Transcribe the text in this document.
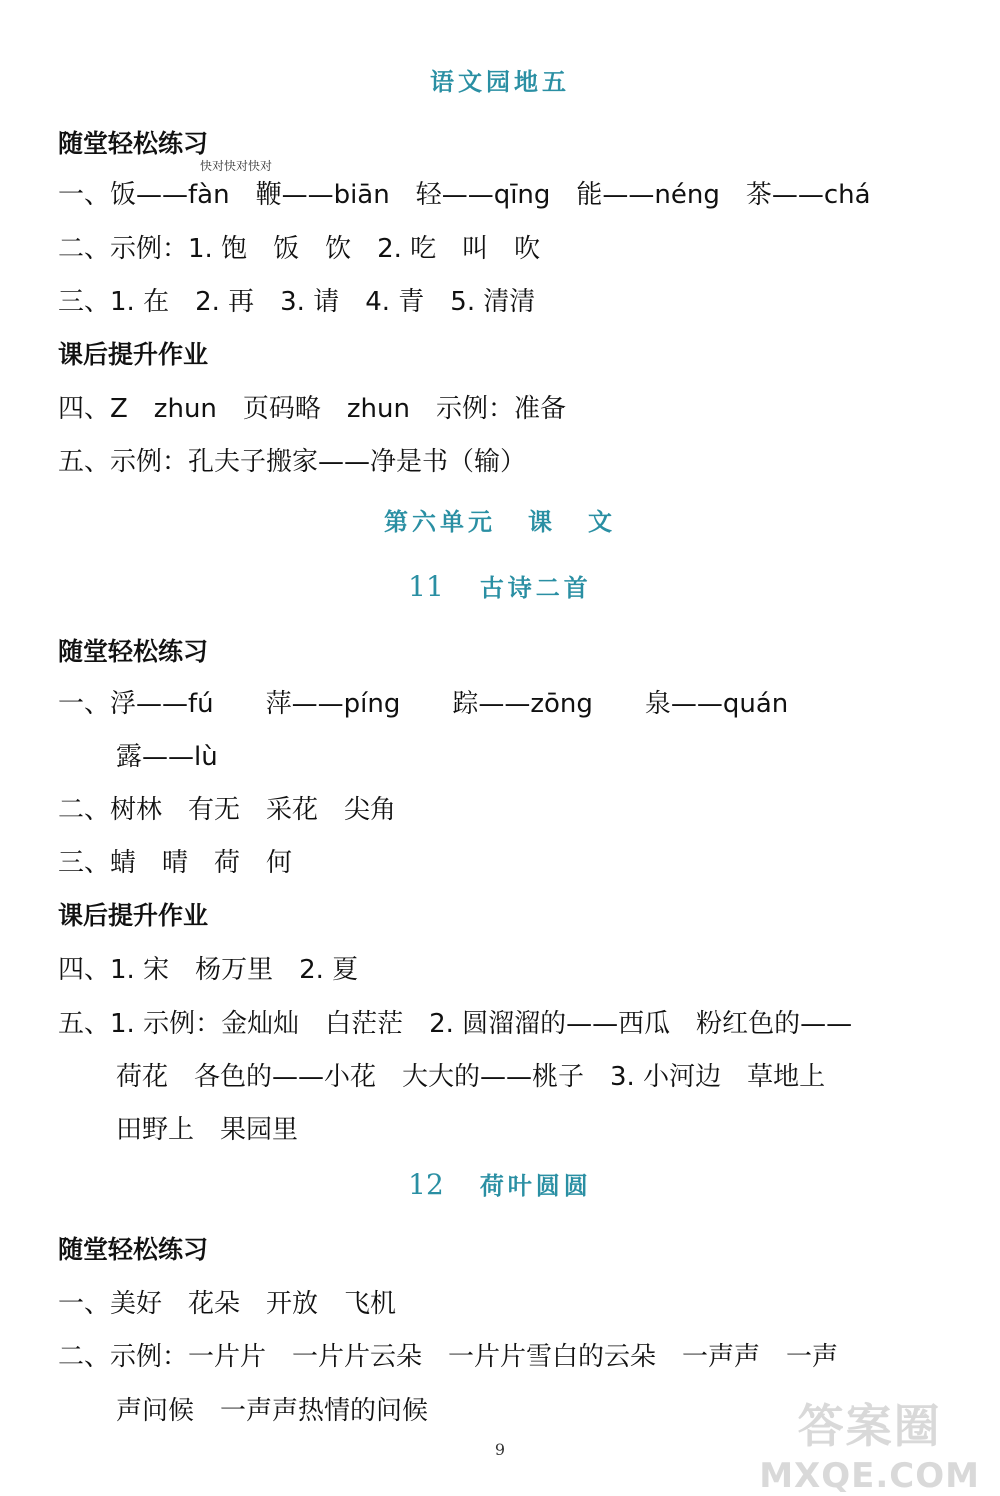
语文园地五
随堂轻松练习
一、饭——fàn　鞭——biān　轻——qīng　能——néng　茶——chá
快对快对快对
二、示例：1. 饱　饭　饮　2. 吃　叫　吹
三、1. 在　2. 再　3. 请　4. 青　5. 清清
课后提升作业
四、Z　zhun　页码略　zhun　示例：准备
五、示例：孔夫子搬家——净是书（输）
第六单元 课 文
11 古诗二首
随堂轻松练习
一、浮——fú　　萍——píng　　踪——zōng　　泉——quán
露——lù
二、树林　有无　采花　尖角
三、蜻　晴　荷　何
课后提升作业
四、1. 宋　杨万里　2. 夏
五、1. 示例：金灿灿　白茫茫　2. 圆溜溜的——西瓜　粉红色的——
荷花　各色的——小花　大大的——桃子　3. 小河边　草地上
田野上　果园里
12 荷叶圆圆
随堂轻松练习
一、美好　花朵　开放　飞机
二、示例：一片片　一片片云朵　一片片雪白的云朵　一声声　一声
声问候　一声声热情的问候
9	答案圈
MXQE.COM
